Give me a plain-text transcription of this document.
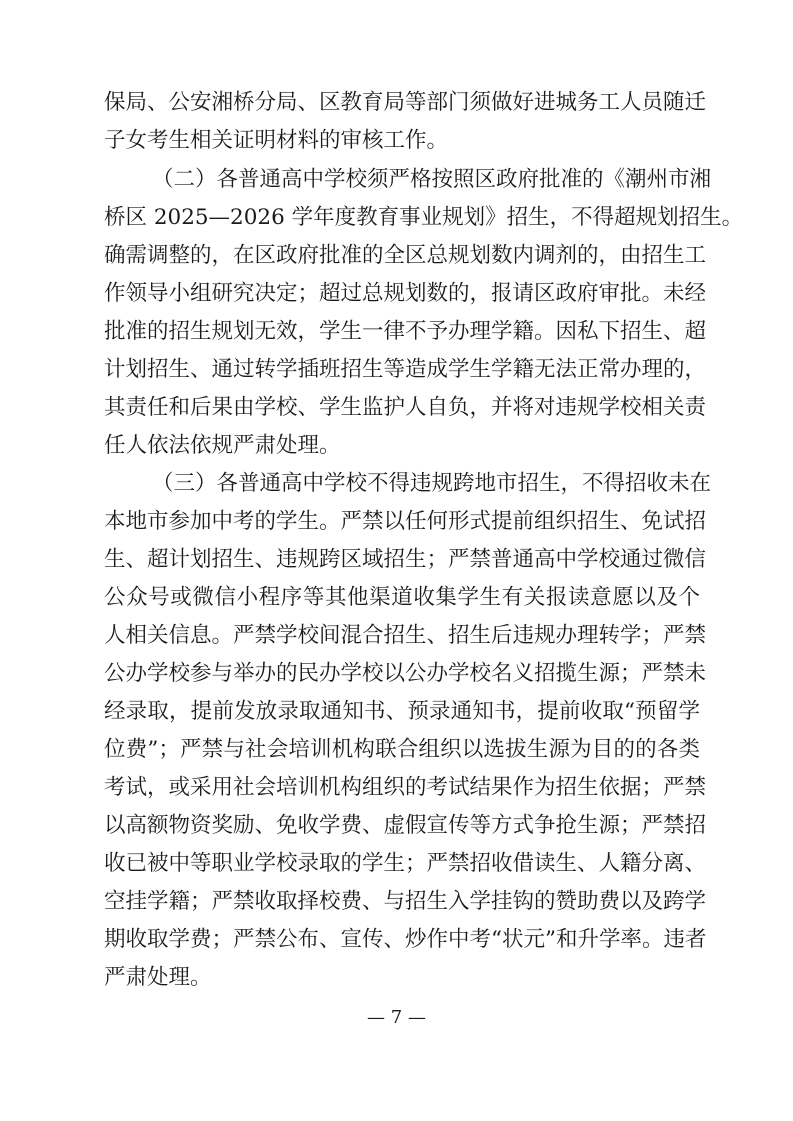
保局、公安湘桥分局、区教育局等部门须做好进城务工人员随迁

子女考生相关证明材料的审核工作。

（二）各普通高中学校须严格按照区政府批准的《潮州市湘

桥区 2025—2026 学年度教育事业规划》招生，不得超规划招生。

确需调整的，在区政府批准的全区总规划数内调剂的，由招生工

作领导小组研究决定；超过总规划数的，报请区政府审批。未经

批准的招生规划无效，学生一律不予办理学籍。因私下招生、超

计划招生、通过转学插班招生等造成学生学籍无法正常办理的，

其责任和后果由学校、学生监护人自负，并将对违规学校相关责

任人依法依规严肃处理。

（三）各普通高中学校不得违规跨地市招生，不得招收未在

本地市参加中考的学生。严禁以任何形式提前组织招生、免试招

生、超计划招生、违规跨区域招生；严禁普通高中学校通过微信

公众号或微信小程序等其他渠道收集学生有关报读意愿以及个

人相关信息。严禁学校间混合招生、招生后违规办理转学；严禁

公办学校参与举办的民办学校以公办学校名义招揽生源；严禁未

经录取，提前发放录取通知书、预录通知书，提前收取“预留学

位费”；严禁与社会培训机构联合组织以选拔生源为目的的各类

考试，或采用社会培训机构组织的考试结果作为招生依据；严禁

以高额物资奖励、免收学费、虚假宣传等方式争抢生源；严禁招

收已被中等职业学校录取的学生；严禁招收借读生、人籍分离、

空挂学籍；严禁收取择校费、与招生入学挂钩的赞助费以及跨学

期收取学费；严禁公布、宣传、炒作中考“状元”和升学率。违者

严肃处理。

— 7 —
